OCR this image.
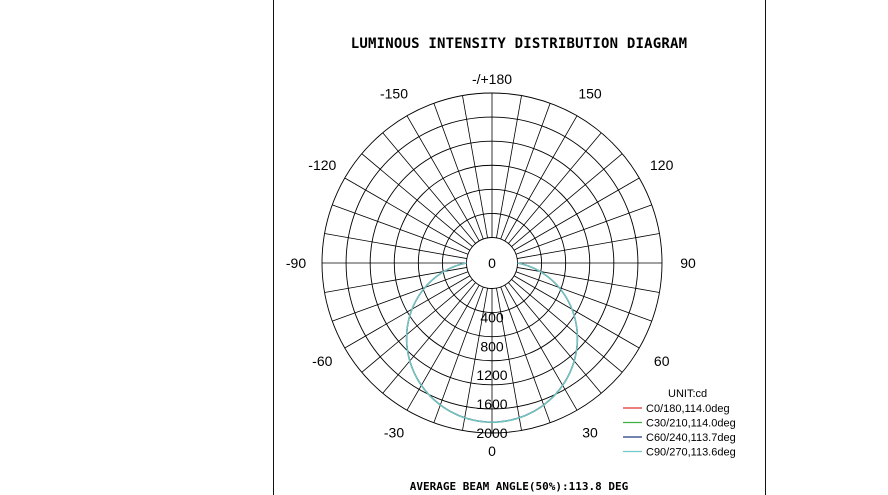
LUMINOUS INTENSITY DISTRIBUTION DIAGRAM
-/+180
150
120
90
60
30
0
-30
-60
-90
-120
-150
0
400
800
1200
1600
2000
UNIT:cd
C0/180,114.0deg
C30/210,114.0deg
C60/240,113.7deg
C90/270,113.6deg
AVERAGE BEAM ANGLE(50%):113.8 DEG
